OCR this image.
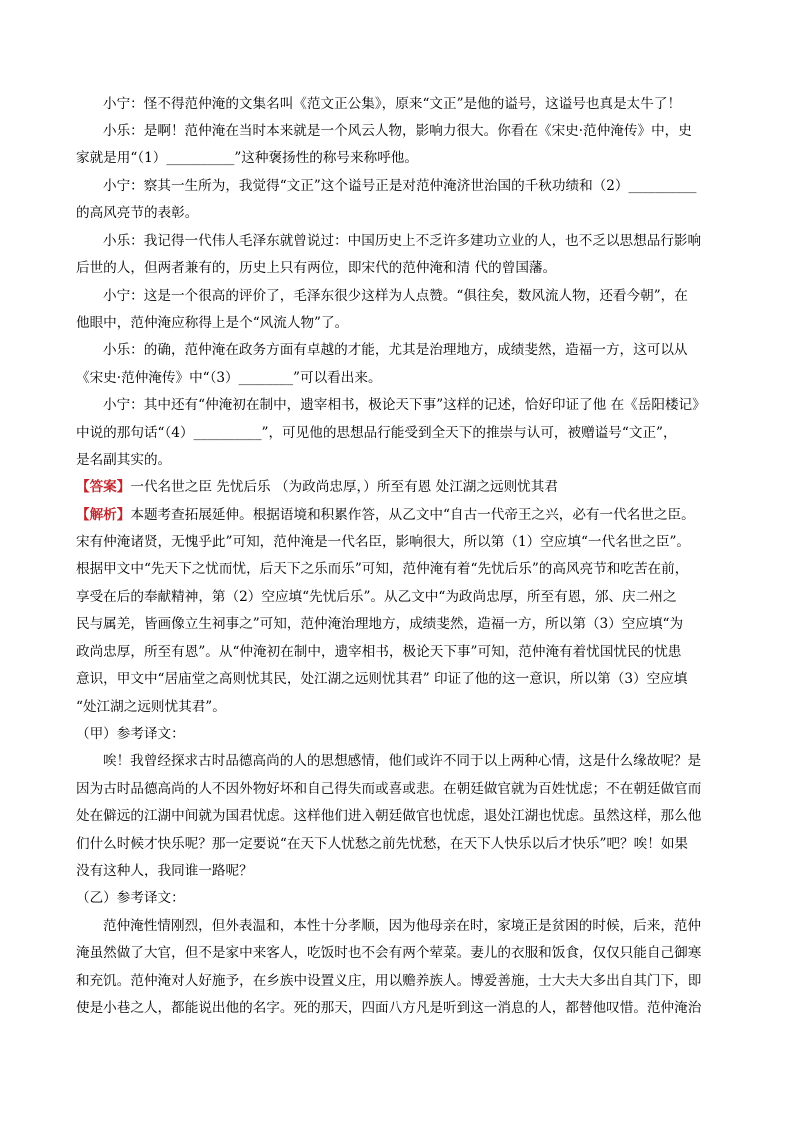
小宁：怪不得范仲淹的文集名叫《范文正公集》，原来“文正”是他的谥号，这谥号也真是太牛了！
小乐：是啊！范仲淹在当时本来就是一个风云人物，影响力很大。你看在《宋史·范仲淹传》中，史
家就是用“（1）__________”这种褒扬性的称号来称呼他。
小宁：察其一生所为，我觉得“文正”这个谥号正是对范仲淹济世治国的千秋功绩和（2）__________
的高风亮节的表彰。
小乐：我记得一代伟人毛泽东就曾说过：中国历史上不乏许多建功立业的人，也不乏以思想品行影响
后世的人，但两者兼有的，历史上只有两位，即宋代的范仲淹和清 代的曾国藩。
小宁：这是一个很高的评价了，毛泽东很少这样为人点赞。“俱往矣，数风流人物，还看今朝”，在
他眼中，范仲淹应称得上是个“风流人物”了。
小乐：的确，范仲淹在政务方面有卓越的才能，尤其是治理地方，成绩斐然，造福一方，这可以从
《宋史·范仲淹传》中“（3）________”可以看出来。
小宁：其中还有“仲淹初在制中，遗宰相书，极论天下事”这样的记述，恰好印证了他 在《岳阳楼记》
中说的那句话“（4）__________”，可见他的思想品行能受到全天下的推崇与认可，被赠谥号“文正”，
是名副其实的。
【答案】一代名世之臣 先忧后乐 （为政尚忠厚，）所至有恩 处江湖之远则忧其君
【解析】本题考查拓展延伸。根据语境和积累作答，从乙文中“自古一代帝王之兴，必有一代名世之臣。
宋有仲淹诸贤，无愧乎此”可知，范仲淹是一代名臣，影响很大，所以第（1）空应填“一代名世之臣”。
根据甲文中“先天下之忧而忧，后天下之乐而乐”可知，范仲淹有着“先忧后乐”的高风亮节和吃苦在前，
享受在后的奉献精神，第（2）空应填“先忧后乐”。从乙文中“为政尚忠厚，所至有恩，邠、庆二州之
民与属羌，皆画像立生祠事之”可知，范仲淹治理地方，成绩斐然，造福一方，所以第（3）空应填“为
政尚忠厚，所至有恩”。从“仲淹初在制中，遗宰相书，极论天下事”可知，范仲淹有着忧国忧民的忧患
意识，甲文中“居庙堂之高则忧其民，处江湖之远则忧其君” 印证了他的这一意识，所以第（3）空应填
“处江湖之远则忧其君”。
（甲）参考译文：
唉！我曾经探求古时品德高尚的人的思想感情，他们或许不同于以上两种心情，这是什么缘故呢？是
因为古时品德高尚的人不因外物好坏和自己得失而或喜或悲。在朝廷做官就为百姓忧虑；不在朝廷做官而
处在僻远的江湖中间就为国君忧虑。这样他们进入朝廷做官也忧虑，退处江湖也忧虑。虽然这样，那么他
们什么时候才快乐呢？那一定要说“在天下人忧愁之前先忧愁，在天下人快乐以后才快乐”吧？唉！如果
没有这种人，我同谁一路呢？
（乙）参考译文：
范仲淹性情刚烈，但外表温和，本性十分孝顺，因为他母亲在时，家境正是贫困的时候，后来，范仲
淹虽然做了大官，但不是家中来客人，吃饭时也不会有两个荤菜。妻儿的衣服和饭食，仅仅只能自己御寒
和充饥。范仲淹对人好施予，在乡族中设置义庄，用以赡养族人。博爱善施，士大夫大多出自其门下，即
使是小巷之人，都能说出他的名字。死的那天，四面八方凡是听到这一消息的人，都替他叹惜。范仲淹治
